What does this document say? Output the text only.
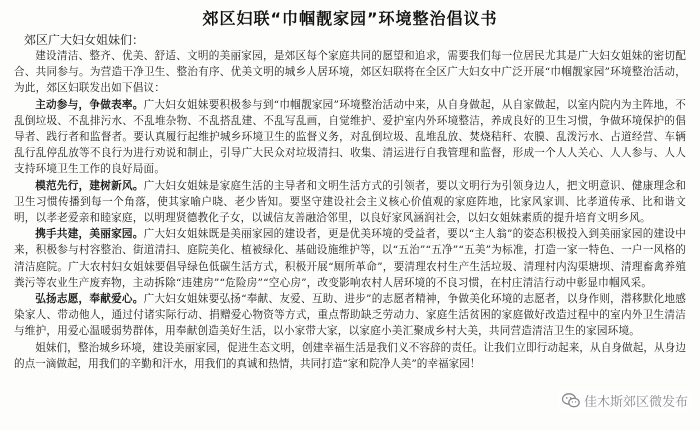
郊区妇联“巾帼靓家园”环境整治倡议书

郊区广大妇女姐妹们：

建设清洁、整齐、优美、舒适、文明的美丽家园，是郊区每个家庭共同的愿望和追求，需要我们每一位居民尤其是广大妇女姐妹的密切配合、共同参与。为营造干净卫生、整治有序、优美文明的城乡人居环境，郊区妇联将在全区广大妇女中广泛开展“巾帼靓家园”环境整治活动，为此，郊区妇联发出如下倡议：

主动参与，争做表率。广大妇女姐妹要积极参与到“巾帼靓家园”环境整治活动中来，从自身做起，从自家做起，以室内院内为主阵地，不乱倒垃圾、不乱排污水、不乱堆杂物、不乱搭乱建、不乱写乱画，自觉维护、爱护室内外环境整洁，养成良好的卫生习惯，争做环境保护的倡导者、践行者和监督者。要认真履行起维护城乡环境卫生的监督义务，对乱倒垃圾、乱堆乱放、焚烧秸秆、农膜、乱泼污水、占道经营、车辆乱行乱停乱放等不良行为进行劝说和制止，引导广大民众对垃圾清扫、收集、清运进行自我管理和监督，形成一个人人关心、人人参与、人人支持环境卫生工作的良好局面。

模范先行，建树新风。广大妇女姐妹是家庭生活的主导者和文明生活方式的引领者，要以文明行为引领身边人，把文明意识、健康理念和卫生习惯传播到每一个角落，使其家喻户晓、老少皆知。要坚守建设社会主义核心价值观的家庭阵地，比家风家训、比孝道传承、比和谐文明，以孝老爱亲和睦家庭，以明理贤德教化子女，以诚信友善融洽邻里，以良好家风涵润社会，以妇女姐妹素质的提升培育文明乡风。

携手共建，美丽家园。广大妇女姐妹既是美丽家园的建设者，更是优美环境的受益者，要以“主人翁”的姿态积极投入到美丽家园的建设中来，积极参与村容整治、街道清扫、庭院美化、植被绿化、基础设施维护等，以“五治”“五净”“五美”为标准，打造一家一特色、一户一风格的清洁庭院。广大农村妇女姐妹要倡导绿色低碳生活方式，积极开展“厕所革命”，要清理农村生产生活垃圾、清理村内沟渠塘坝、清理畜禽养殖粪污等农业生产废弃物，主动拆除“违建房”“危险房”“空心房”，改变影响农村人居环境的不良习惯，在村庄清洁行动中彰显巾帼风采。

弘扬志愿，奉献爱心。广大妇女姐妹要弘扬“奉献、友爱、互助、进步”的志愿者精神，争做美化环境的志愿者，以身作则，潜移默化地感染家人、带动他人，通过付诸实际行动、捐赠爱心物资等方式，重点帮助缺乏劳动力、家庭生活贫困的家庭做好改造过程中的室内外卫生清洁与维护，用爱心温暖弱势群体，用奉献创造美好生活，以小家带大家，以家庭小美汇聚成乡村大美，共同营造清洁卫生的家园环境。

姐妹们，整治城乡环境，建设美丽家园，促进生态文明，创建幸福生活是我们义不容辞的责任。让我们立即行动起来，从自身做起，从身边的点一滴做起，用我们的辛勤和汗水，用我们的真诚和热情，共同打造“家和院净人美”的幸福家园！

佳木斯郊区微发布
